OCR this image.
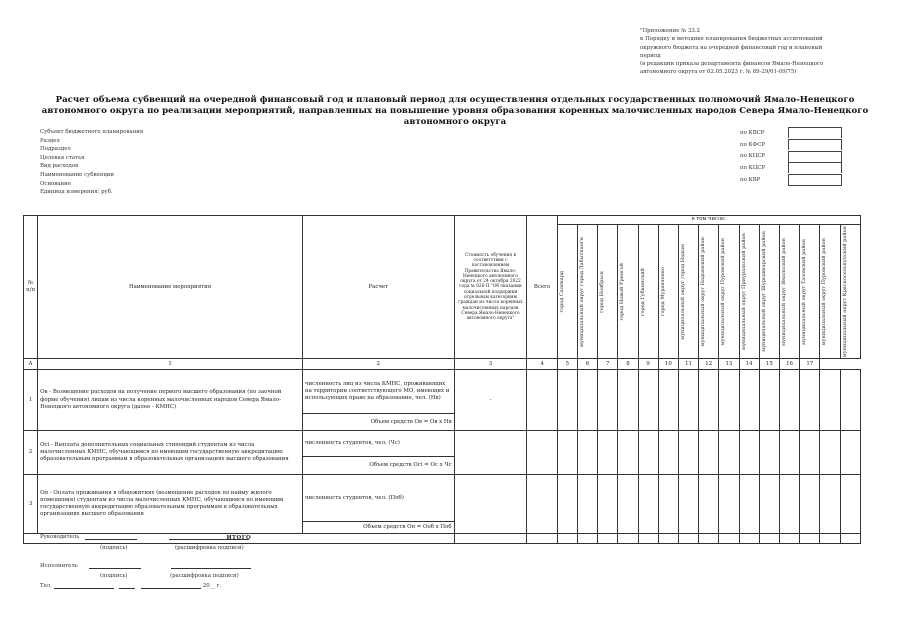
"Приложение № 33.2
к Порядку и методике планирования бюджетных ассигнований
окружного бюджета на очередной финансовый год и плановый
период
(в редакции приказа департамента финансов Ямало-Ненецкого
автономного округа от 02.05.2023 г. № 89-29/01-09/75)
Расчет объема субвенций на очередной финансовый год и плановый период для осуществления отдельных государственных полномочий Ямало-Ненецкого автономного округа по реализации мероприятий, направленных на повышение уровня образования коренных малочисленных народов Севера Ямало-Ненецкого автономного округа
Субъект бюджетного планирования
Раздел
Подраздел
Целевая статья
Вид расходов
Наименование субвенции
Основание
Единица измерения: руб.
по КВСР
по КФСР
по КЦСР
по КЦСР
по КВР
№ п/п	Наименование мероприятия	Расчет	Стоимость обучения в соответствии с постановлением Правительства Ямало-Ненецкого автономного округа от 24 октября 2022 года № 826-П "Об оказании социальной поддержки отдельным категориям граждан из числа коренных малочисленных народов Севера Ямало-Ненецкого автономного округа"	Всего	в том числе:														

					город Салехард	муниципальный округ город Лабытнанги	город Ноябрьск	город Новый Уренгой	город Губкинский	город Муравленко	муниципальный округ город Надым	муниципальный округ Надымский район	муниципальный округ Пуровский район	муниципальный округ Приуральский район	муниципальный округ Шурышкарский район	муниципальный округ Ямальский район	муниципальный округ Тазовский район	муниципальный округ Пуровский район	муниципальный округ Красноселькупский район

А	1	2	3	4	5	6	7	8	9	10	11	12	13	14	15	16	17		
1	Ов - Возмещение расходов на получение первого высшего образования (по заочной форме обучения) лицам из числа коренных малочисленных народов Севера Ямало-Ненецкого автономного округа (далее - КМНС)	численность лиц из числа КМНС, проживающих на территории соответствующего МО, имеющих и использующих право на образование, чел. (Нв)	-																
		Объем средств Ов = Ов х Нв																	
2	Осi - Выплата дополнительных социальных стипендий студентам из числа малочисленных КМНС, обучающимся по имеющим государственную аккредитацию образовательным программам в образовательных организациях высшего образования	численность студентов, чел. (Чс)																	
		Объем средств Осi = Ос х Чс																	
3	Оп - Оплата проживания в общежитиях (возмещение расходов по найму жилого помещения) студентам из числа малочисленных КМНС, обучающимся по имеющим государственную аккредитацию образовательным программам в образовательных организациях высшего образования	численность студентов, чел. (Поб)																	
		Объем средств Оп = Ооб х Поб																	
ИТОГО																			
Руководитель
(подпись)	(расшифровка подписи)
Исполнитель
(подпись)	(расшифровка подписи)
Тел.	20__ г.
